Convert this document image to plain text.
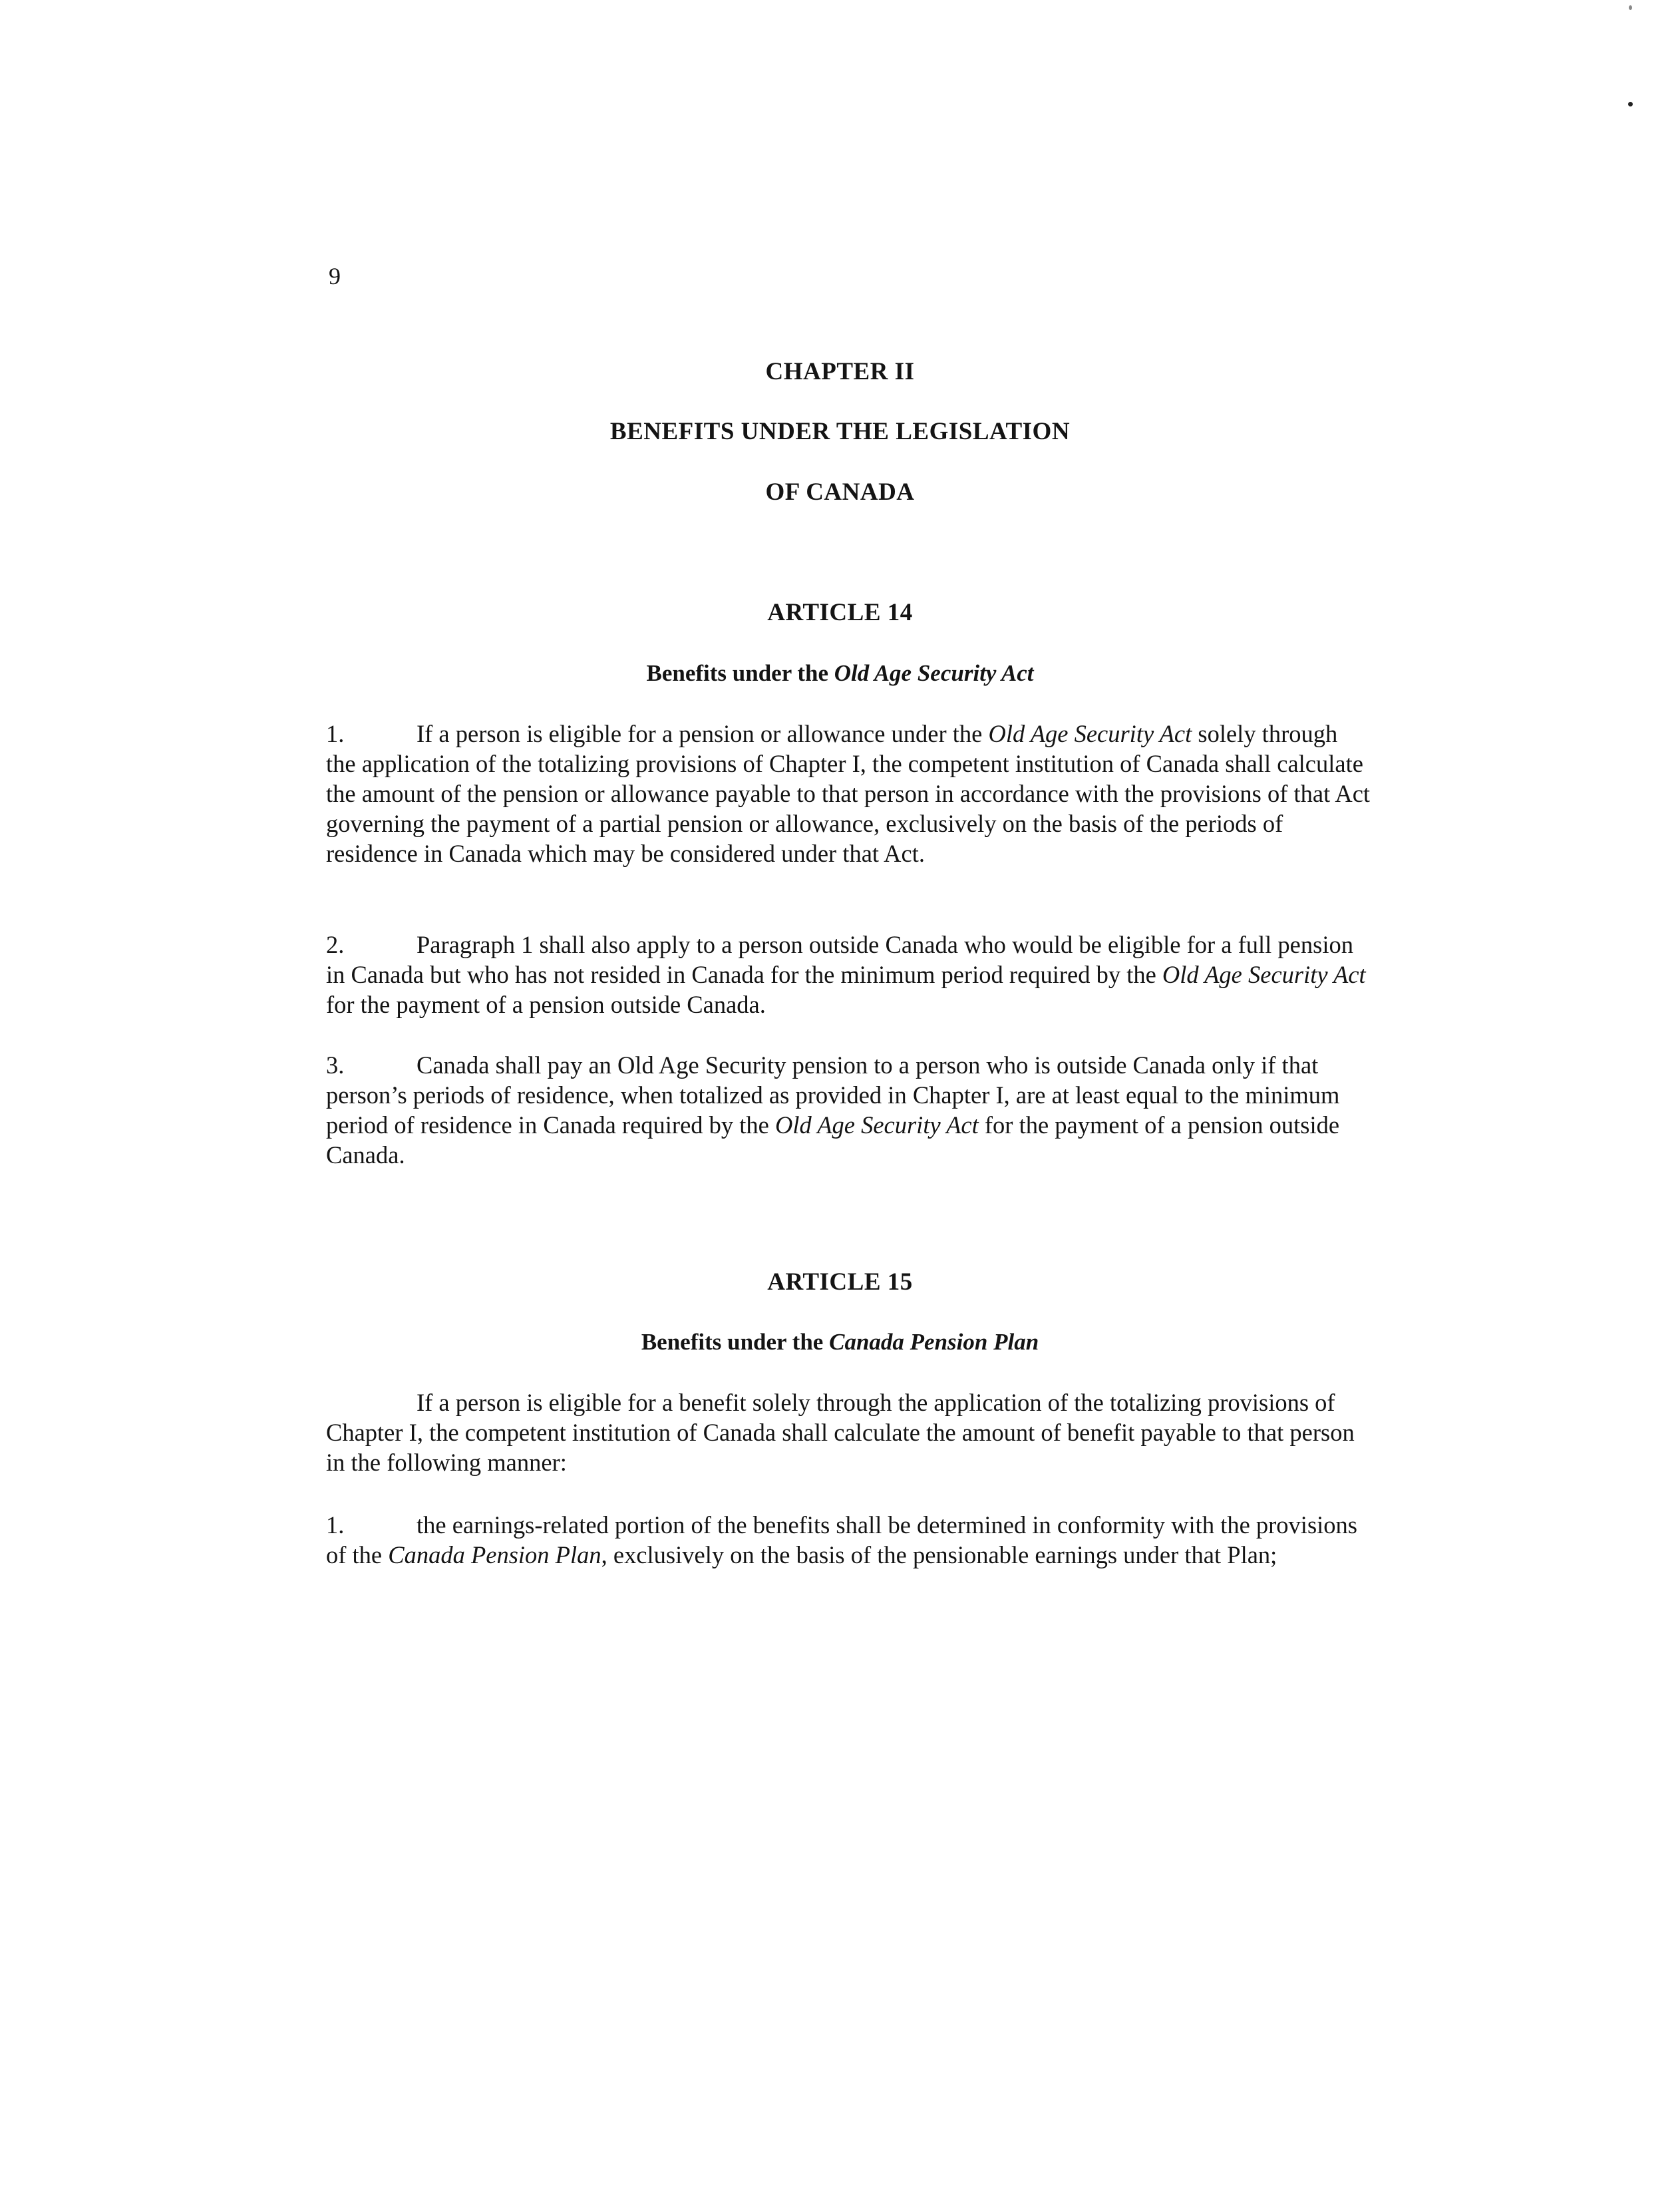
9
CHAPTER II
BENEFITS UNDER THE LEGISLATION
OF CANADA
ARTICLE 14
Benefits under the Old Age Security Act

1.	If a person is eligible for a pension or allowance under the Old Age Security Act solely through the application of the totalizing provisions of Chapter I, the competent institution of Canada shall calculate the amount of the pension or allowance payable to that person in accordance with the provisions of that Act governing the payment of a partial pension or allowance, exclusively on the basis of the periods of residence in Canada which may be considered under that Act.

2.	Paragraph 1 shall also apply to a person outside Canada who would be eligible for a full pension in Canada but who has not resided in Canada for the minimum period required by the Old Age Security Act for the payment of a pension outside Canada.

3.	Canada shall pay an Old Age Security pension to a person who is outside Canada only if that person’s periods of residence, when totalized as provided in Chapter I, are at least equal to the minimum period of residence in Canada required by the Old Age Security Act for the payment of a pension outside Canada.

ARTICLE 15
Benefits under the Canada Pension Plan

If a person is eligible for a benefit solely through the application of the totalizing provisions of Chapter I, the competent institution of Canada shall calculate the amount of benefit payable to that person in the following manner:

1.	the earnings-related portion of the benefits shall be determined in conformity with the provisions of the Canada Pension Plan, exclusively on the basis of the pensionable earnings under that Plan;
